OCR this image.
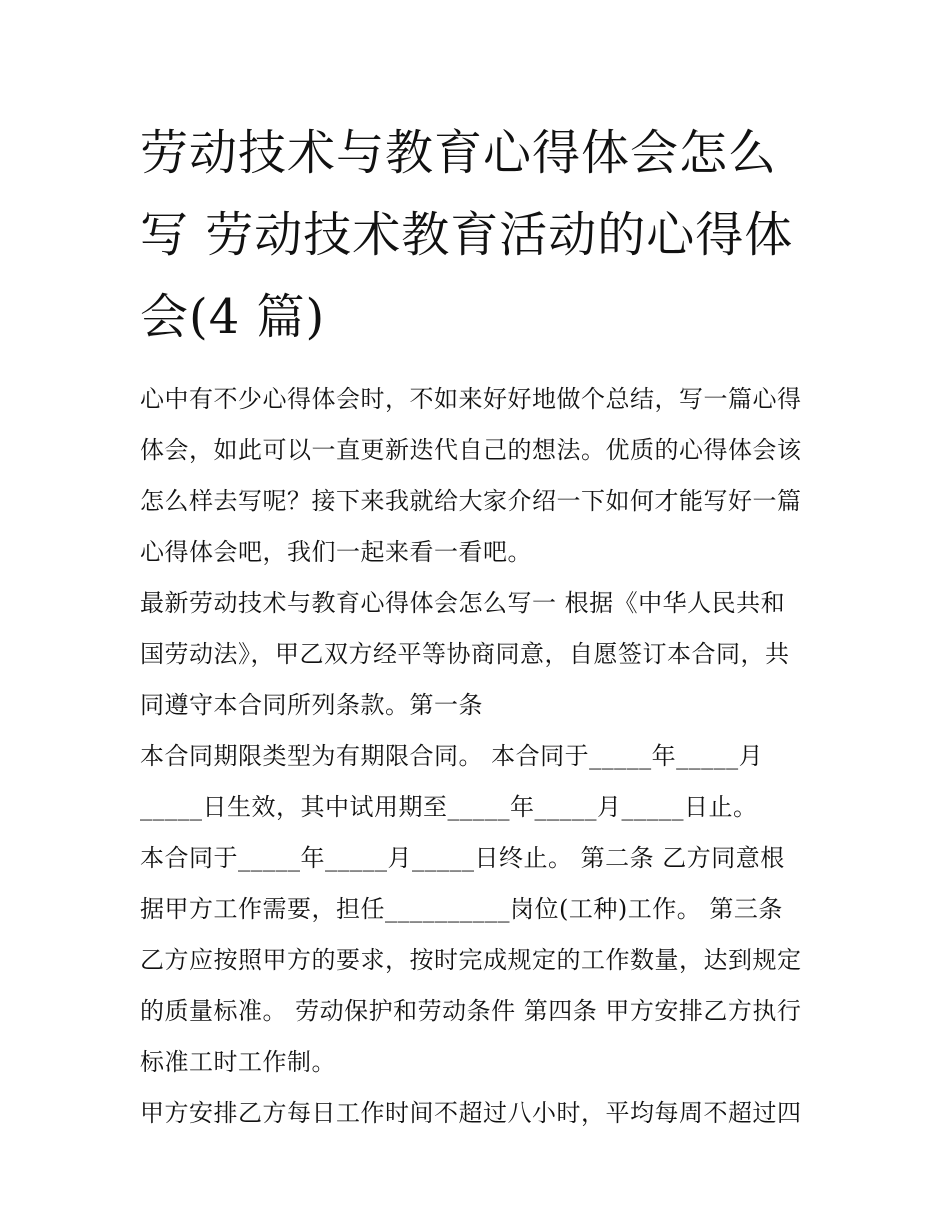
劳动技术与教育心得体会怎么
写 劳动技术教育活动的心得体
会(4 篇)
心中有不少心得体会时，不如来好好地做个总结，写一篇心得
体会，如此可以一直更新迭代自己的想法。优质的心得体会该
怎么样去写呢？接下来我就给大家介绍一下如何才能写好一篇
心得体会吧，我们一起来看一看吧。
最新劳动技术与教育心得体会怎么写一 根据《中华人民共和
国劳动法》，甲乙双方经平等协商同意，自愿签订本合同，共
同遵守本合同所列条款。第一条
本合同期限类型为有期限合同。 本合同于_____年_____月
_____日生效，其中试用期至_____年_____月_____日止。
本合同于_____年_____月_____日终止。 第二条 乙方同意根
据甲方工作需要，担任__________岗位(工种)工作。 第三条
乙方应按照甲方的要求，按时完成规定的工作数量，达到规定
的质量标准。 劳动保护和劳动条件 第四条 甲方安排乙方执行
标准工时工作制。
甲方安排乙方每日工作时间不超过八小时，平均每周不超过四
